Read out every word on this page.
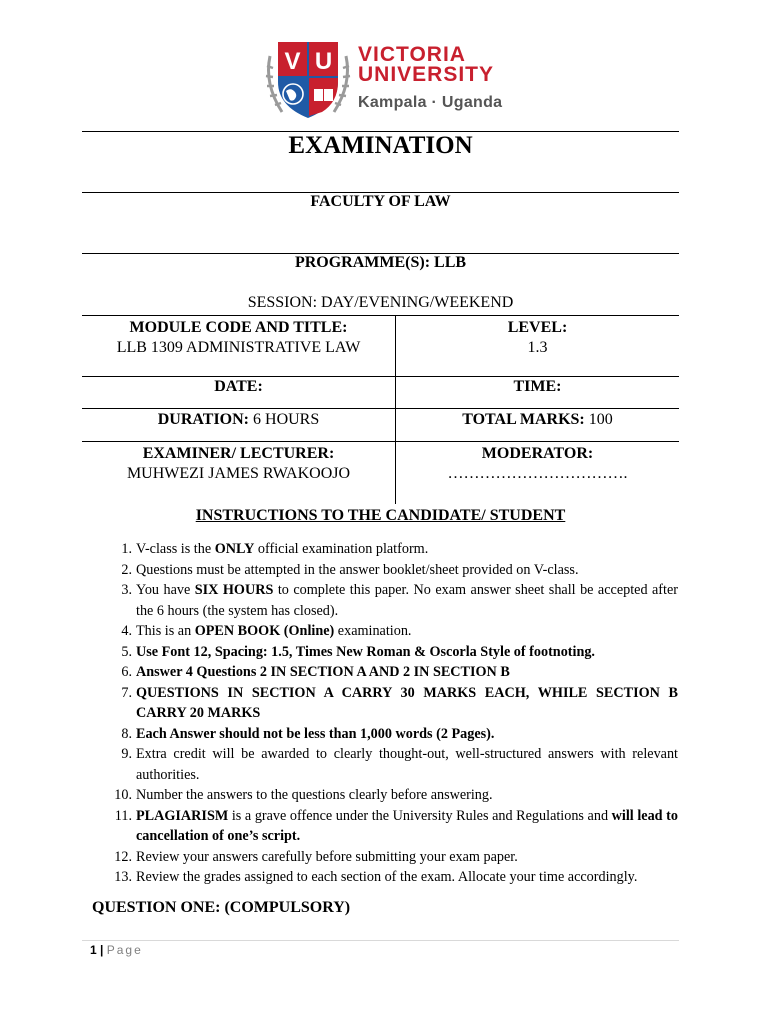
V U VICTORIA
UNIVERSITY
Kampala · Uganda
EXAMINATION
FACULTY OF LAW
PROGRAMME(S): LLB
SESSION: DAY/EVENING/WEEKEND
MODULE CODE AND TITLE:
LLB 1309 ADMINISTRATIVE LAW
LEVEL:
1.3
DATE:	TIME:
DURATION: 6 HOURS	TOTAL MARKS: 100
EXAMINER/ LECTURER:
MUHWEZI JAMES RWAKOOJO
MODERATOR:
…………………………….
INSTRUCTIONS TO THE CANDIDATE/ STUDENT
1. V-class is the ONLY official examination platform.
2. Questions must be attempted in the answer booklet/sheet provided on V-class.
3. You have SIX HOURS to complete this paper. No exam answer sheet shall be accepted after the 6 hours (the system has closed).
4. This is an OPEN BOOK (Online) examination.
5. Use Font 12, Spacing: 1.5, Times New Roman & Oscorla Style of footnoting.
6. Answer 4 Questions 2 IN SECTION A AND 2 IN SECTION B
7. QUESTIONS IN SECTION A CARRY 30 MARKS EACH, WHILE SECTION B CARRY 20 MARKS
8. Each Answer should not be less than 1,000 words (2 Pages).
9. Extra credit will be awarded to clearly thought-out, well-structured answers with relevant authorities.
10. Number the answers to the questions clearly before answering.
11. PLAGIARISM is a grave offence under the University Rules and Regulations and will lead to cancellation of one’s script.
12. Review your answers carefully before submitting your exam paper.
13. Review the grades assigned to each section of the exam. Allocate your time accordingly.
QUESTION ONE: (COMPULSORY)
1 | Page
